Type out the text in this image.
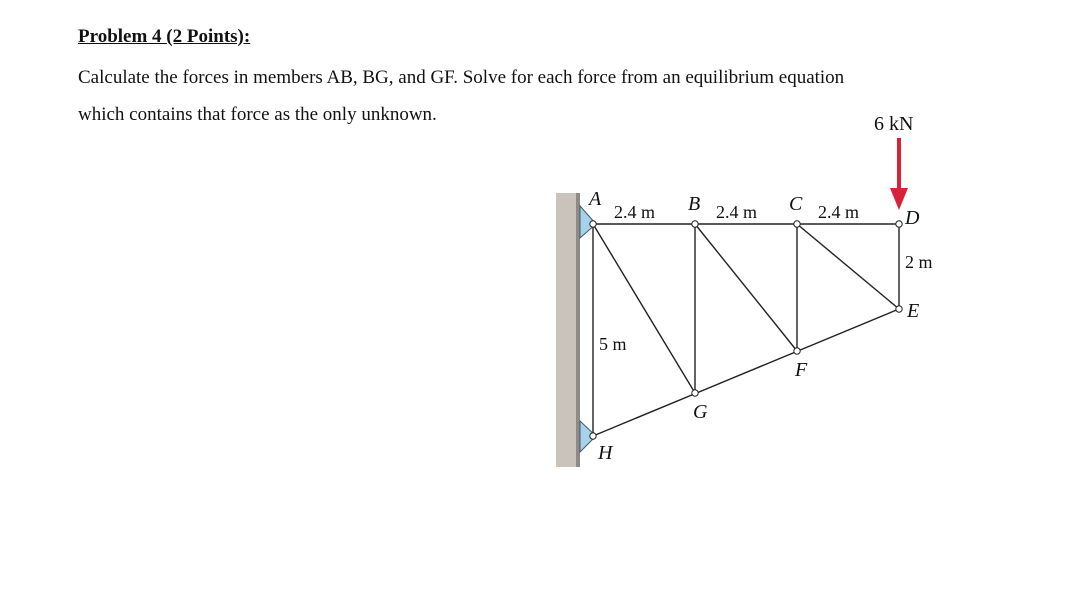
Problem 4 (2 Points):

Calculate the forces in members AB, BG, and GF. Solve for each force from an equilibrium equation

which contains that force as the only unknown.	6 kN
2.4 m	2.4 m	2.4 m
2 m
5 m
A	B	C
D
E
F
G
H
